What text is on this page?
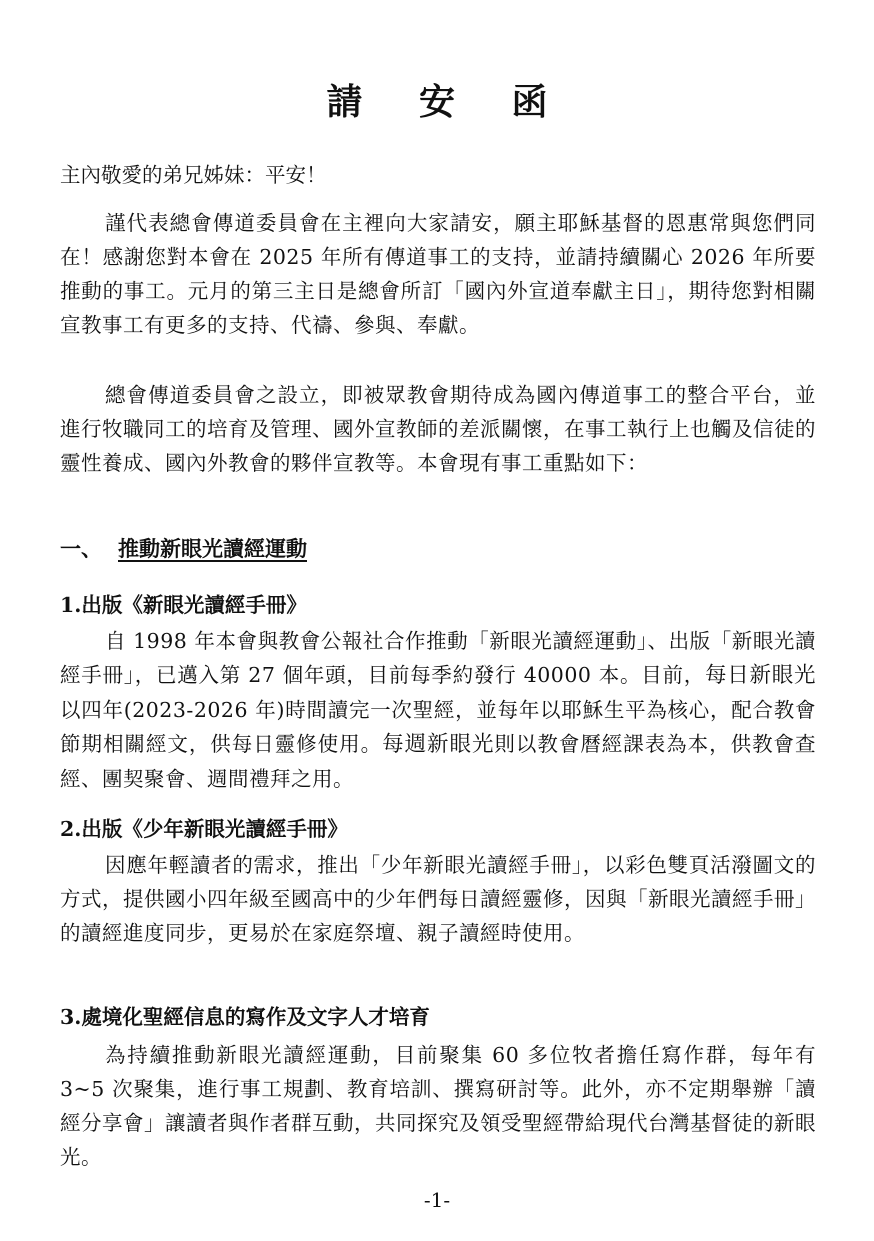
請 安 函
主內敬愛的弟兄姊妹：平安！
謹代表總會傳道委員會在主裡向大家請安，願主耶穌基督的恩惠常與您們同在！感謝您對本會在 2025 年所有傳道事工的支持，並請持續關心 2026 年所要推動的事工。元月的第三主日是總會所訂「國內外宣道奉獻主日」，期待您對相關宣教事工有更多的支持、代禱、參與、奉獻。
總會傳道委員會之設立，即被眾教會期待成為國內傳道事工的整合平台，並進行牧職同工的培育及管理、國外宣教師的差派關懷，在事工執行上也觸及信徒的靈性養成、國內外教會的夥伴宣教等。本會現有事工重點如下：
一、 推動新眼光讀經運動
1.出版《新眼光讀經手冊》
自 1998 年本會與教會公報社合作推動「新眼光讀經運動」、出版「新眼光讀經手冊」，已邁入第 27 個年頭，目前每季約發行 40000 本。目前，每日新眼光以四年(2023-2026 年)時間讀完一次聖經，並每年以耶穌生平為核心，配合教會節期相關經文，供每日靈修使用。每週新眼光則以教會曆經課表為本，供教會查經、團契聚會、週間禮拜之用。
2.出版《少年新眼光讀經手冊》
因應年輕讀者的需求，推出「少年新眼光讀經手冊」，以彩色雙頁活潑圖文的方式，提供國小四年級至國高中的少年們每日讀經靈修，因與「新眼光讀經手冊」的讀經進度同步，更易於在家庭祭壇、親子讀經時使用。
3.處境化聖經信息的寫作及文字人才培育
為持續推動新眼光讀經運動，目前聚集 60 多位牧者擔任寫作群，每年有 3~5 次聚集，進行事工規劃、教育培訓、撰寫研討等。此外，亦不定期舉辦「讀經分享會」讓讀者與作者群互動，共同探究及領受聖經帶給現代台灣基督徒的新眼光。
-1-
